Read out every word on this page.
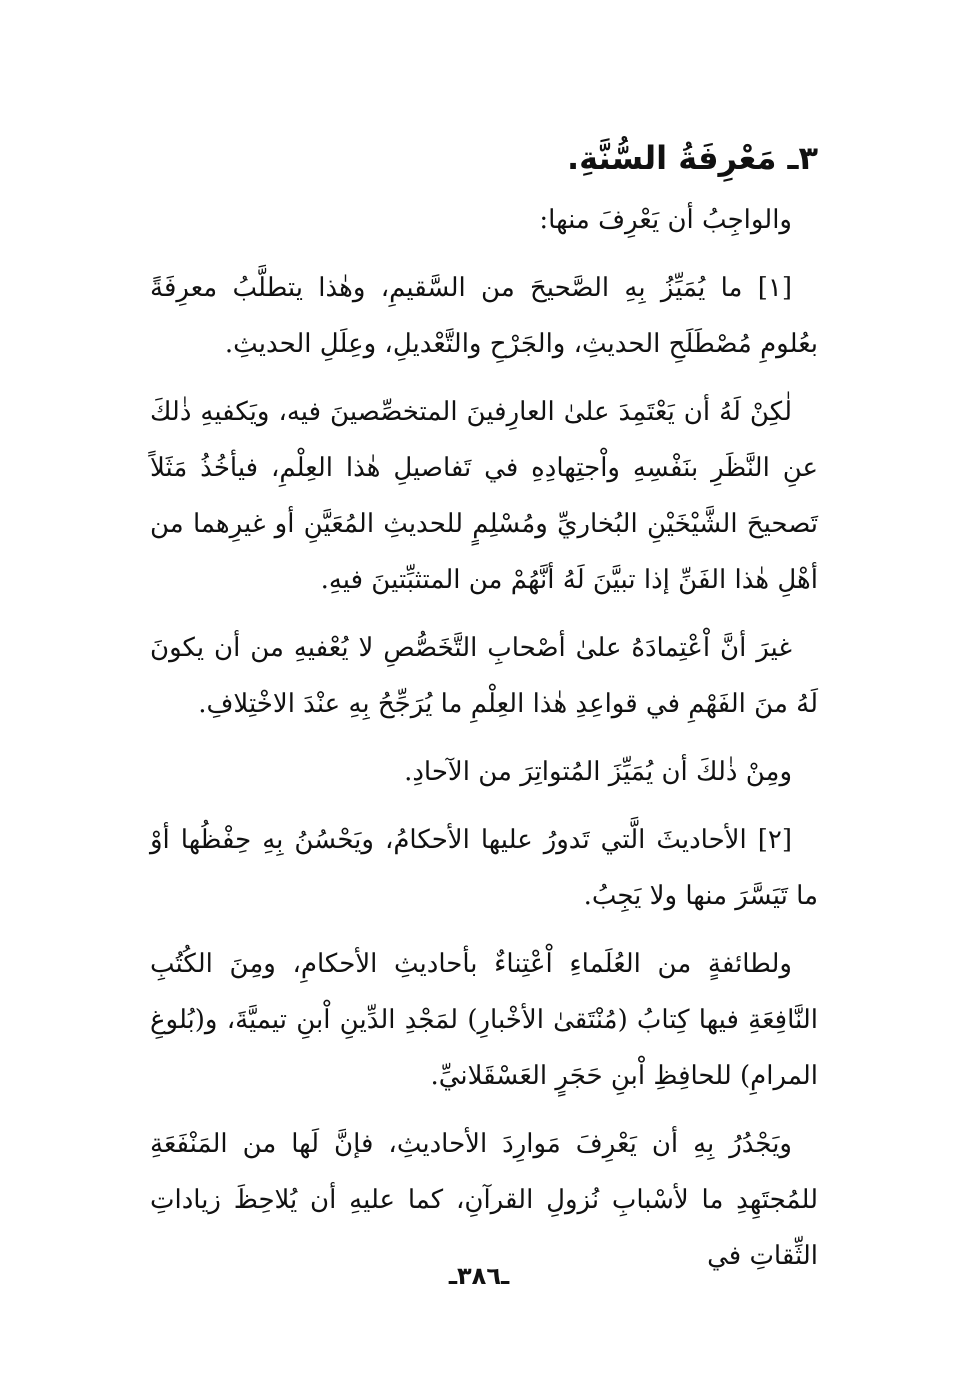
٣ـ مَعْرِفَةُ السُّنَّةِ.

والواجِبُ أن يَعْرِفَ منها:

[١] ما يُمَيِّزُ بِهِ الصَّحيحَ من السَّقيمِ، وهٰذا يتطلَّبُ معرِفَةً بعُلومِ مُصْطَلَحِ الحديثِ، والجَرْحِ والتَّعْديلِ، وعِلَلِ الحديثِ.

لٰكِنْ لَهُ أن يَعْتَمِدَ علىٰ العارِفينَ المتخصِّصينَ فيه، ويَكفيهِ ذٰلكَ عنِ النَّظَرِ بنَفْسِهِ واْجتِهادِهِ في تَفاصيلِ هٰذا العِلْمِ، فيأخُذُ مَثَلاً تَصحيحَ الشَّيْخَيْنِ البُخاريِّ ومُسْلِمٍ للحديثِ المُعَيَّنِ أو غيرِهما من أهْلِ هٰذا الفَنِّ إذا تبيَّنَ لَهُ أنَّهُمْ من المتثبِّتينَ فيهِ.

غيرَ أنَّ اْعْتِمادَهُ علىٰ أصْحابِ التَّخَصُّصِ لا يُعْفيهِ من أن يكونَ لَهُ منَ الفَهْمِ في قواعِدِ هٰذا العِلْمِ ما يُرَجِّحُ بِهِ عنْدَ الاخْتِلافِ.

ومِنْ ذٰلكَ أن يُمَيِّزَ المُتواتِرَ من الآحادِ.

[٢] الأحاديثَ الَّتي تَدورُ عليها الأحكامُ، ويَحْسُنُ بِهِ حِفْظُها أوْ ما تَيَسَّرَ منها ولا يَجِبُ.

ولطائفةٍ من العُلَماءِ اْعْتِناءٌ بأحاديثِ الأحكامِ، ومِنَ الكُتُبِ النَّافِعَةِ فيها كِتابُ (مُنْتَقىٰ الأخْبارِ) لمَجْدِ الدِّينِ اْبنِ تيميَّةَ، و(بُلوغِ المرامِ) للحافِظِ اْبنِ حَجَرٍ العَسْقَلانيِّ.

ويَجْدُرُ بِهِ أن يَعْرِفَ مَوارِدَ الأحاديثِ، فإنَّ لَها من المَنْفَعَةِ للمُجتَهِدِ ما لأسْبابِ نُزولِ القرآنِ، كما عليهِ أن يُلاحِظَ زياداتِ الثِّقاتِ في

ـ٣٨٦ـ
